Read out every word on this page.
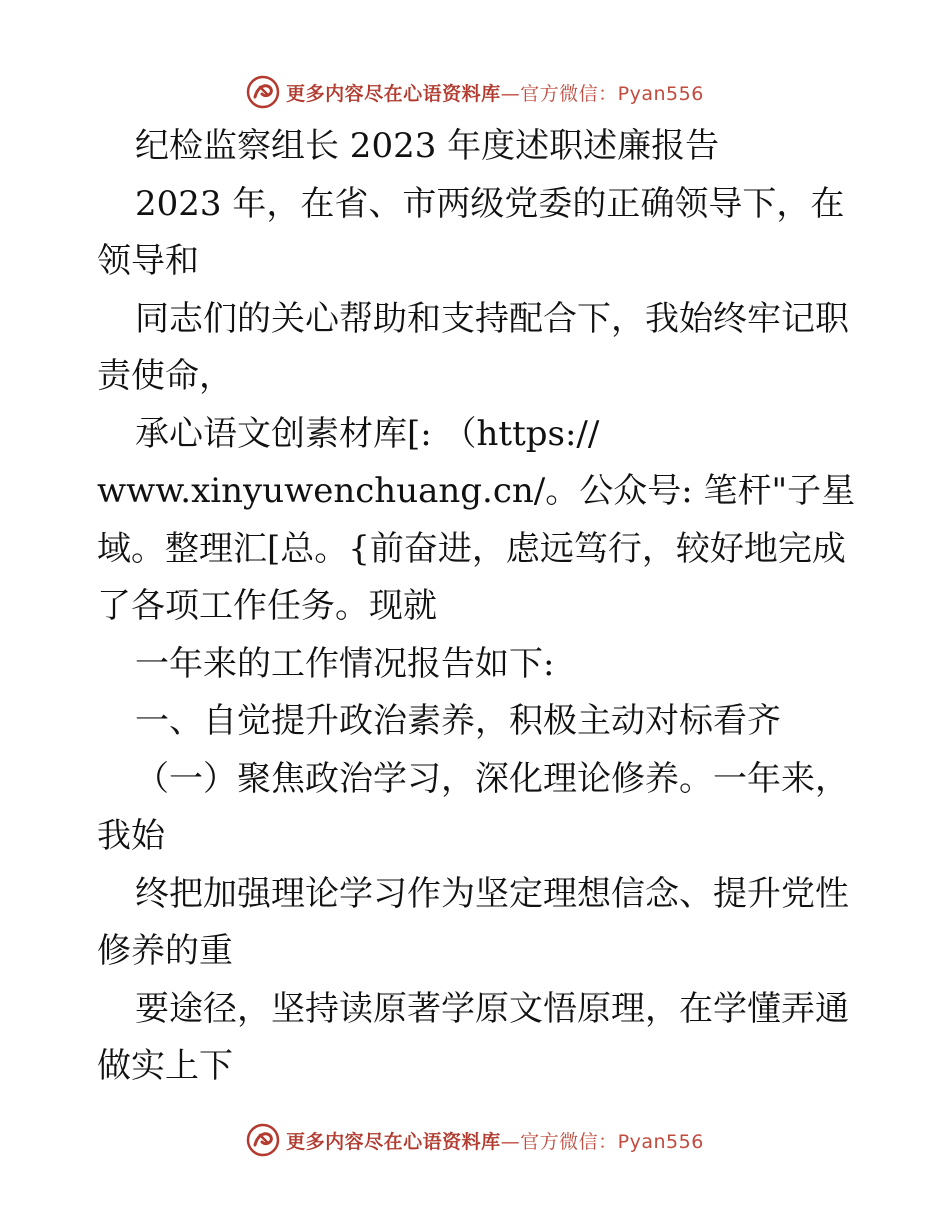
更多内容尽在心语资料库—官方微信：Pyan556
纪检监察组长 2023 年度述职述廉报告
2023 年，在省、市两级党委的正确领导下，在
领导和
同志们的关心帮助和支持配合下，我始终牢记职
责使命，
承心语文创素材库[: （https://
www.xinyuwenchuang.cn/。公众号: 笔杆"子星
域。整理汇[总。{前奋进，虑远笃行，较好地完成
了各项工作任务。现就
一年来的工作情况报告如下:
一、自觉提升政治素养，积极主动对标看齐
（一）聚焦政治学习，深化理论修养。一年来，
我始
终把加强理论学习作为坚定理想信念、提升党性
修养的重
要途径，坚持读原著学原文悟原理，在学懂弄通
做实上下
更多内容尽在心语资料库—官方微信：Pyan556
